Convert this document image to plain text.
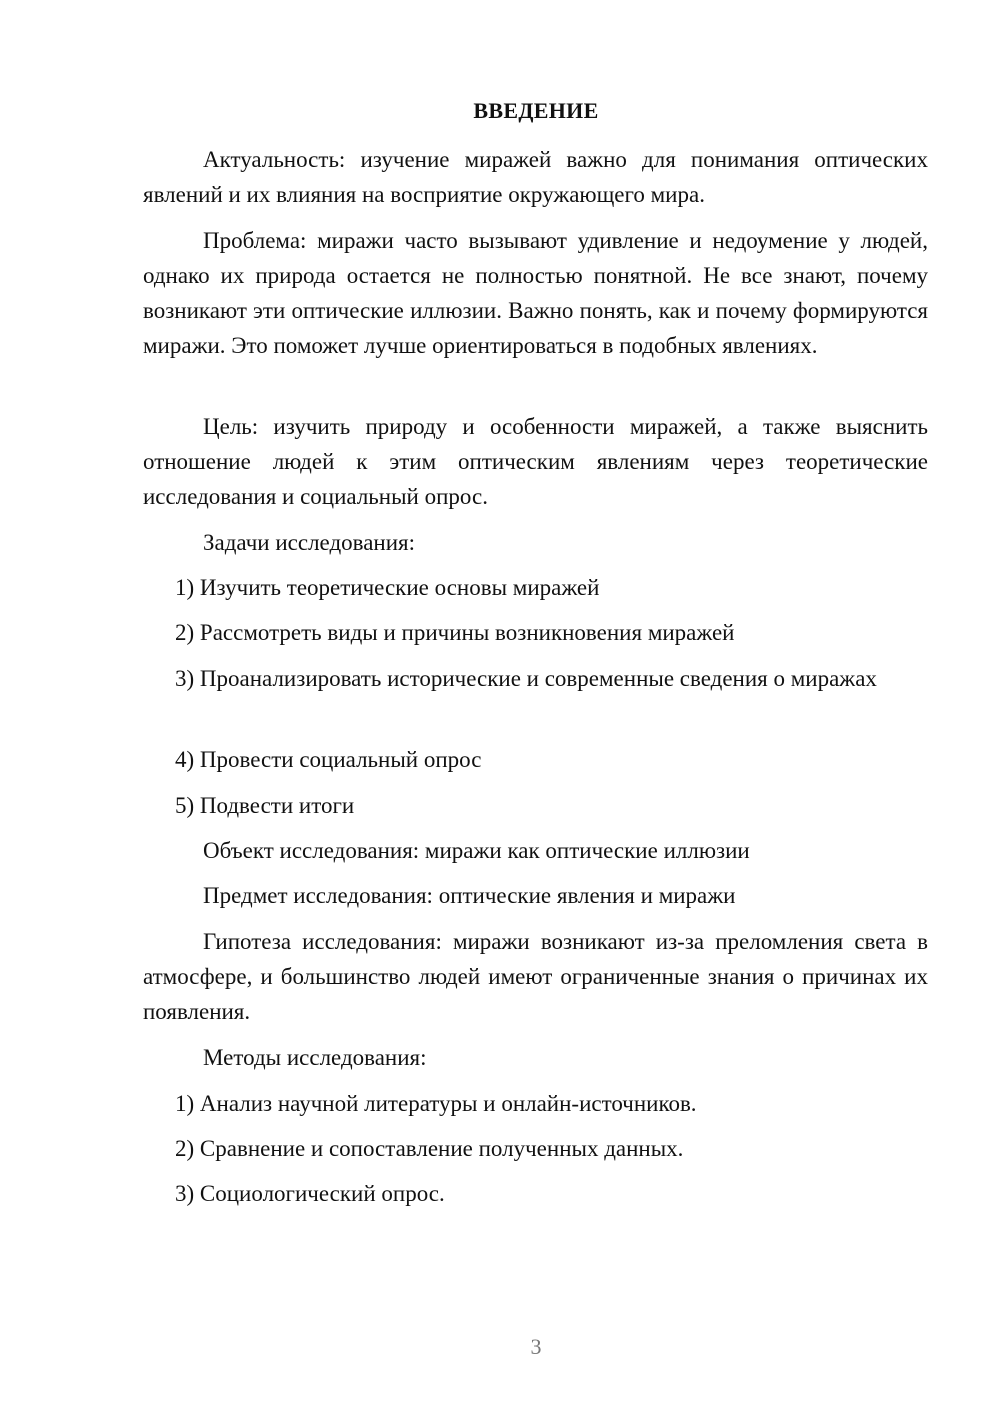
ВВЕДЕНИЕ

Актуальность: изучение миражей важно для понимания оптических явлений и их влияния на восприятие окружающего мира.

Проблема: миражи часто вызывают удивление и недоумение у людей, однако их природа остается не полностью понятной. Не все знают, почему возникают эти оптические иллюзии. Важно понять, как и почему формируются миражи. Это поможет лучше ориентироваться в подобных явлениях.

Цель: изучить природу и особенности миражей, а также выяснить отношение людей к этим оптическим явлениям через теоретические исследования и социальный опрос.

Задачи исследования:

1) Изучить теоретические основы миражей

2) Рассмотреть виды и причины возникновения миражей

3) Проанализировать исторические и современные сведения о миражах

4) Провести социальный опрос

5) Подвести итоги

Объект исследования: миражи как оптические иллюзии

Предмет исследования: оптические явления и миражи

Гипотеза исследования: миражи возникают из-за преломления света в атмосфере, и большинство людей имеют ограниченные знания о причинах их появления.

Методы исследования:

1) Анализ научной литературы и онлайн-источников.

2) Сравнение и сопоставление полученных данных.

3) Социологический опрос.

3
